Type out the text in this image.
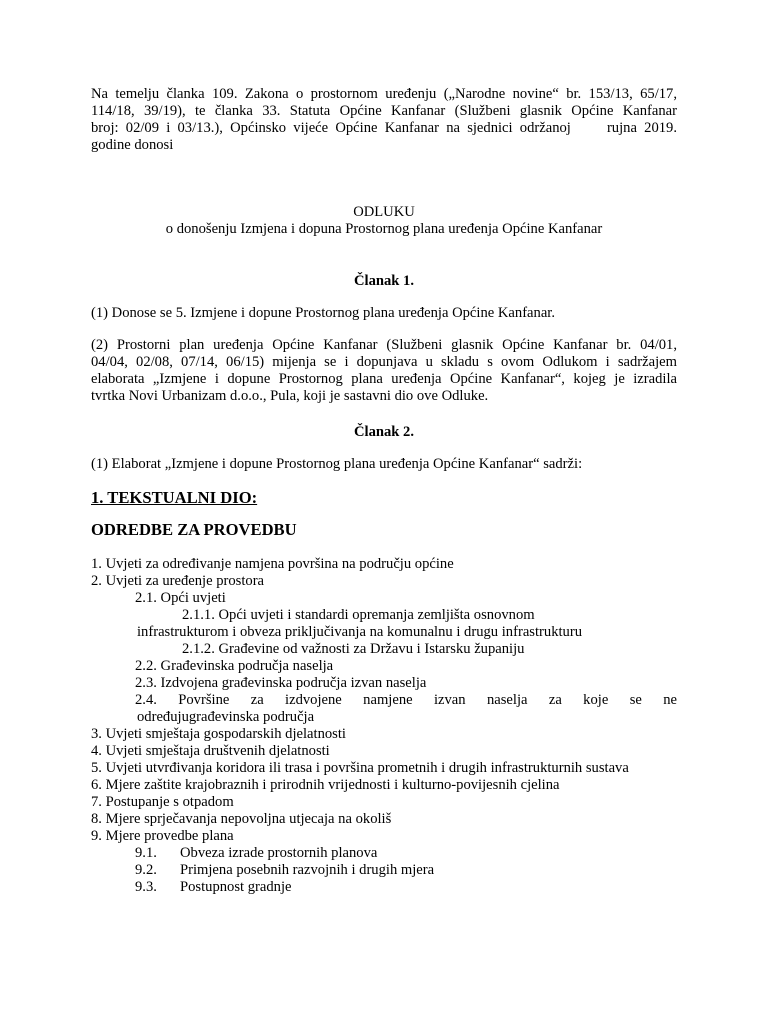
Na temelju članka 109. Zakona o prostornom uređenju („Narodne novine“ br. 153/13, 65/17,
114/18, 39/19), te članka 33. Statuta Općine Kanfanar (Službeni glasnik Općine Kanfanar
broj: 02/09 i 03/13.), Općinsko vijeće Općine Kanfanar na sjednici održanoj     rujna 2019.
godine donosi
ODLUKU
o donošenju Izmjena i dopuna Prostornog plana uređenja Općine Kanfanar
Članak 1.
(1) Donose se 5. Izmjene i dopune Prostornog plana uređenja Općine Kanfanar.
(2) Prostorni plan uređenja Općine Kanfanar (Službeni glasnik Općine Kanfanar br. 04/01,
04/04, 02/08, 07/14, 06/15) mijenja se i dopunjava u skladu s ovom Odlukom i sadržajem
elaborata „Izmjene i dopune Prostornog plana uređenja Općine Kanfanar“, kojeg je izradila
tvrtka Novi Urbanizam d.o.o., Pula, koji je sastavni dio ove Odluke.
Članak 2.
(1) Elaborat „Izmjene i dopune Prostornog plana uređenja Općine Kanfanar“ sadrži:
1. TEKSTUALNI DIO:
ODREDBE ZA PROVEDBU
1. Uvjeti za određivanje namjena površina na području općine
2. Uvjeti za uređenje prostora
2.1. Opći uvjeti
2.1.1. Opći uvjeti i standardi opremanja zemljišta osnovnom
infrastrukturom i obveza priključivanja na komunalnu i drugu infrastrukturu
2.1.2. Građevine od važnosti za Državu i Istarsku županiju
2.2. Građevinska područja naselja
2.3. Izdvojena građevinska područja izvan naselja
2.4. Površine za izdvojene namjene izvan naselja za koje se ne
određujugrađevinska područja
3. Uvjeti smještaja gospodarskih djelatnosti
4. Uvjeti smještaja društvenih djelatnosti
5. Uvjeti utvrđivanja koridora ili trasa i površina prometnih i drugih infrastrukturnih sustava
6. Mjere zaštite krajobraznih i prirodnih vrijednosti i kulturno-povijesnih cjelina
7. Postupanje s otpadom
8. Mjere sprječavanja nepovoljna utjecaja na okoliš
9. Mjere provedbe plana
9.1. Obveza izrade prostornih planova
9.2. Primjena posebnih razvojnih i drugih mjera
9.3. Postupnost gradnje
